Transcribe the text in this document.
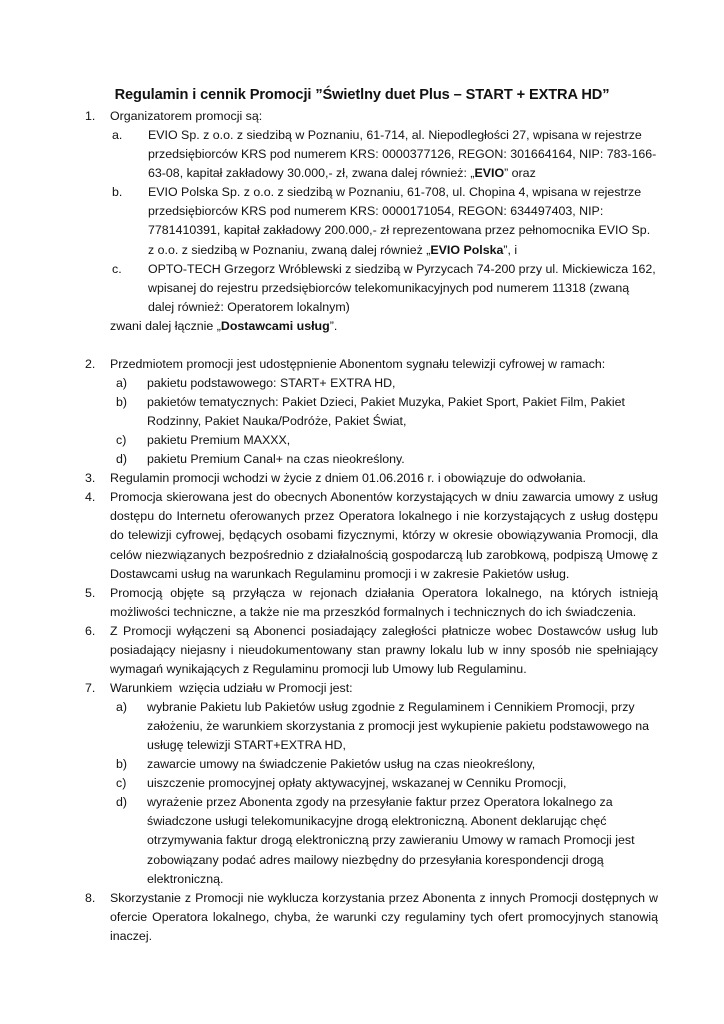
Regulamin i cennik Promocji ”Świetlny duet Plus – START + EXTRA HD”
1. Organizatorem promocji są:
a. EVIO Sp. z o.o. z siedzibą w Poznaniu, 61-714, al. Niepodległości 27, wpisana w rejestrze przedsiębiorców KRS pod numerem KRS: 0000377126, REGON: 301664164, NIP: 783-166-63-08, kapitał zakładowy 30.000,- zł, zwana dalej również: „EVIO” oraz
b. EVIO Polska Sp. z o.o. z siedzibą w Poznaniu, 61-708, ul. Chopina 4, wpisana w rejestrze przedsiębiorców KRS pod numerem KRS: 0000171054, REGON: 634497403, NIP: 7781410391, kapitał zakładowy 200.000,- zł reprezentowana przez pełnomocnika EVIO Sp. z o.o. z siedzibą w Poznaniu, zwaną dalej również „EVIO Polska”, i
c. OPTO-TECH Grzegorz Wróblewski z siedzibą w Pyrzycach 74-200 przy ul. Mickiewicza 162, wpisanej do rejestru przedsiębiorców telekomunikacyjnych pod numerem 11318 (zwaną dalej również: Operatorem lokalnym)
zwani dalej łącznie „Dostawcami usług”.
2. Przedmiotem promocji jest udostępnienie Abonentom sygnału telewizji cyfrowej w ramach:
a) pakietu podstawowego: START+ EXTRA HD,
b) pakietów tematycznych: Pakiet Dzieci, Pakiet Muzyka, Pakiet Sport, Pakiet Film, Pakiet Rodzinny, Pakiet Nauka/Podróże, Pakiet Świat,
c) pakietu Premium MAXXX,
d) pakietu Premium Canal+ na czas nieokreślony.
3. Regulamin promocji wchodzi w życie z dniem 01.06.2016 r. i obowiązuje do odwołania.
4. Promocja skierowana jest do obecnych Abonentów korzystających w dniu zawarcia umowy z usług
dostępu do Internetu oferowanych przez Operatora lokalnego i nie korzystających z usług dostępu
do telewizji cyfrowej, będących osobami fizycznymi, którzy w okresie obowiązywania Promocji, dla
celów niezwiązanych bezpośrednio z działalnością gospodarczą lub zarobkową, podpiszą Umowę z
Dostawcami usług na warunkach Regulaminu promocji i w zakresie Pakietów usług.
5. Promocją objęte są przyłącza w rejonach działania Operatora lokalnego, na których istnieją
możliwości techniczne, a także nie ma przeszkód formalnych i technicznych do ich świadczenia.
6. Z Promocji wyłączeni są Abonenci posiadający zaległości płatnicze wobec Dostawców usług lub
posiadający niejasny i nieudokumentowany stan prawny lokalu lub w inny sposób nie spełniający
wymagań wynikających z Regulaminu promocji lub Umowy lub Regulaminu.
7. Warunkiem  wzięcia udziału w Promocji jest:
a) wybranie Pakietu lub Pakietów usług zgodnie z Regulaminem i Cennikiem Promocji, przy założeniu, że warunkiem skorzystania z promocji jest wykupienie pakietu podstawowego na usługę telewizji START+EXTRA HD,
b) zawarcie umowy na świadczenie Pakietów usług na czas nieokreślony,
c) uiszczenie promocyjnej opłaty aktywacyjnej, wskazanej w Cenniku Promocji,
d) wyrażenie przez Abonenta zgody na przesyłanie faktur przez Operatora lokalnego za świadczone usługi telekomunikacyjne drogą elektroniczną. Abonent deklarując chęć otrzymywania faktur drogą elektroniczną przy zawieraniu Umowy w ramach Promocji jest zobowiązany podać adres mailowy niezbędny do przesyłania korespondencji drogą elektroniczną.
8. Skorzystanie z Promocji nie wyklucza korzystania przez Abonenta z innych Promocji dostępnych w
ofercie Operatora lokalnego, chyba, że warunki czy regulaminy tych ofert promocyjnych stanowią
inaczej.
